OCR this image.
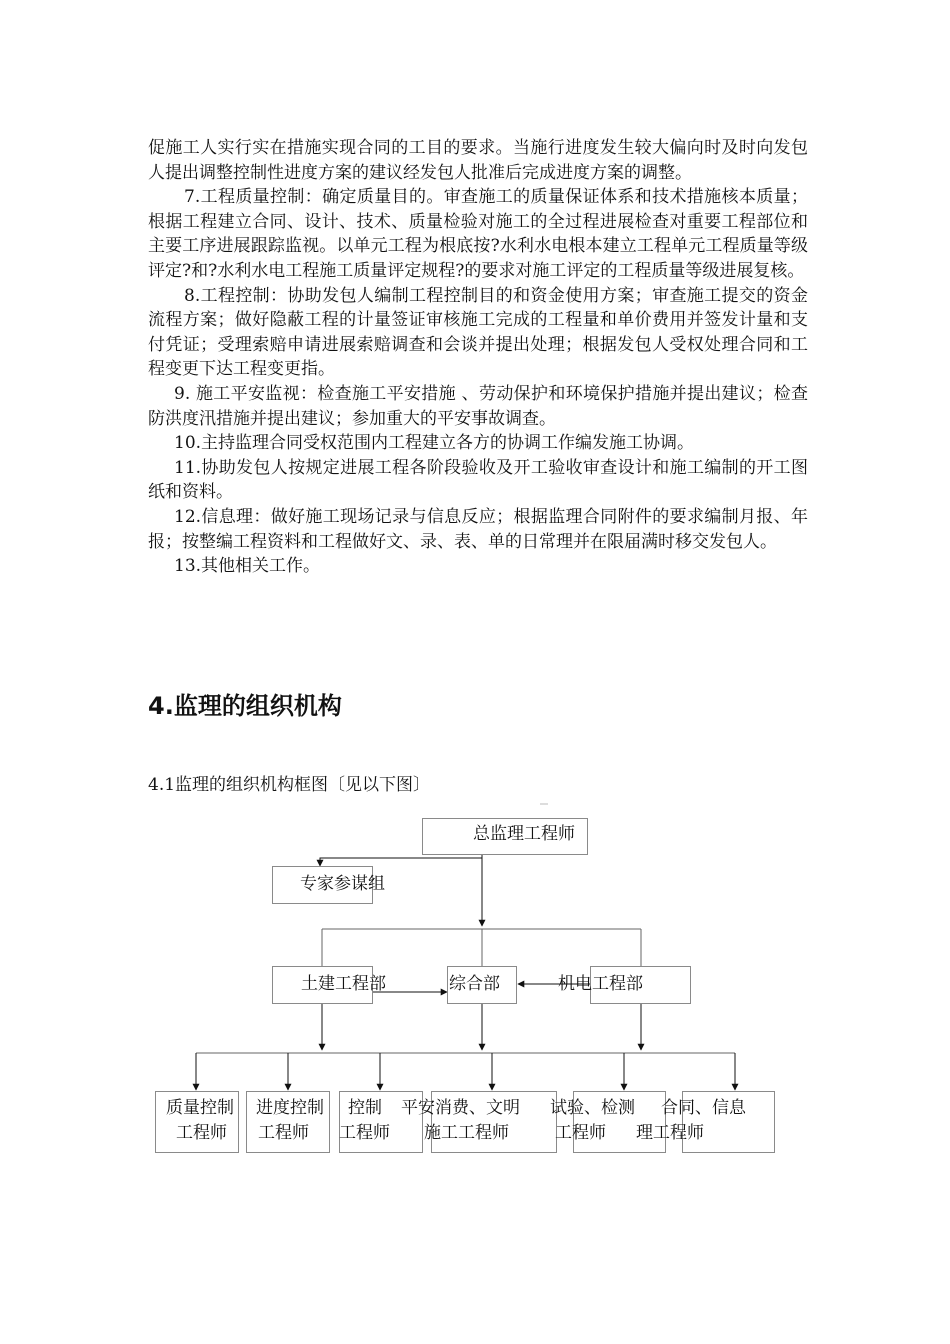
促施工人实行实在措施实现合同的工目的要求。当施行进度发生较大偏向时及时向发包人提出调整控制性进度方案的建议经发包人批准后完成进度方案的调整。

7.工程质量控制：确定质量目的。审查施工的质量保证体系和技术措施核本质量；根据工程建立合同、设计、技术、质量检验对施工的全过程进展检查对重要工程部位和主要工序进展跟踪监视。以单元工程为根底按?水利水电根本建立工程单元工程质量等级评定?和?水利水电工程施工质量评定规程?的要求对施工评定的工程质量等级进展复核。

8.工程控制：协助发包人编制工程控制目的和资金使用方案；审查施工提交的资金流程方案；做好隐蔽工程的计量签证审核施工完成的工程量和单价费用并签发计量和支付凭证；受理索赔申请进展索赔调查和会谈并提出处理；根据发包人受权处理合同和工程变更下达工程变更指。

9. 施工平安监视：检查施工平安措施 、劳动保护和环境保护措施并提出建议；检查防洪度汛措施并提出建议；参加重大的平安事故调查。

10.主持监理合同受权范围内工程建立各方的协调工作编发施工协调。

11.协助发包人按规定进展工程各阶段验收及开工验收审查设计和施工编制的开工图纸和资料。

12.信息理：做好施工现场记录与信息反应；根据监理合同附件的要求编制月报、年报；按整编工程资料和工程做好文、录、表、单的日常理并在限届满时移交发包人。

13.其他相关工作。

4.监理的组织机构

4.1监理的组织机构框图〔见以下图〕

总监理工程师
专家参谋组
土建工程部	综合部	机电工程部
质量控制
工程师
进度控制
工程师
控制
工程师
平安消费、文明
施工工程师
试验、检测
工程师
合同、信息
理工程师
